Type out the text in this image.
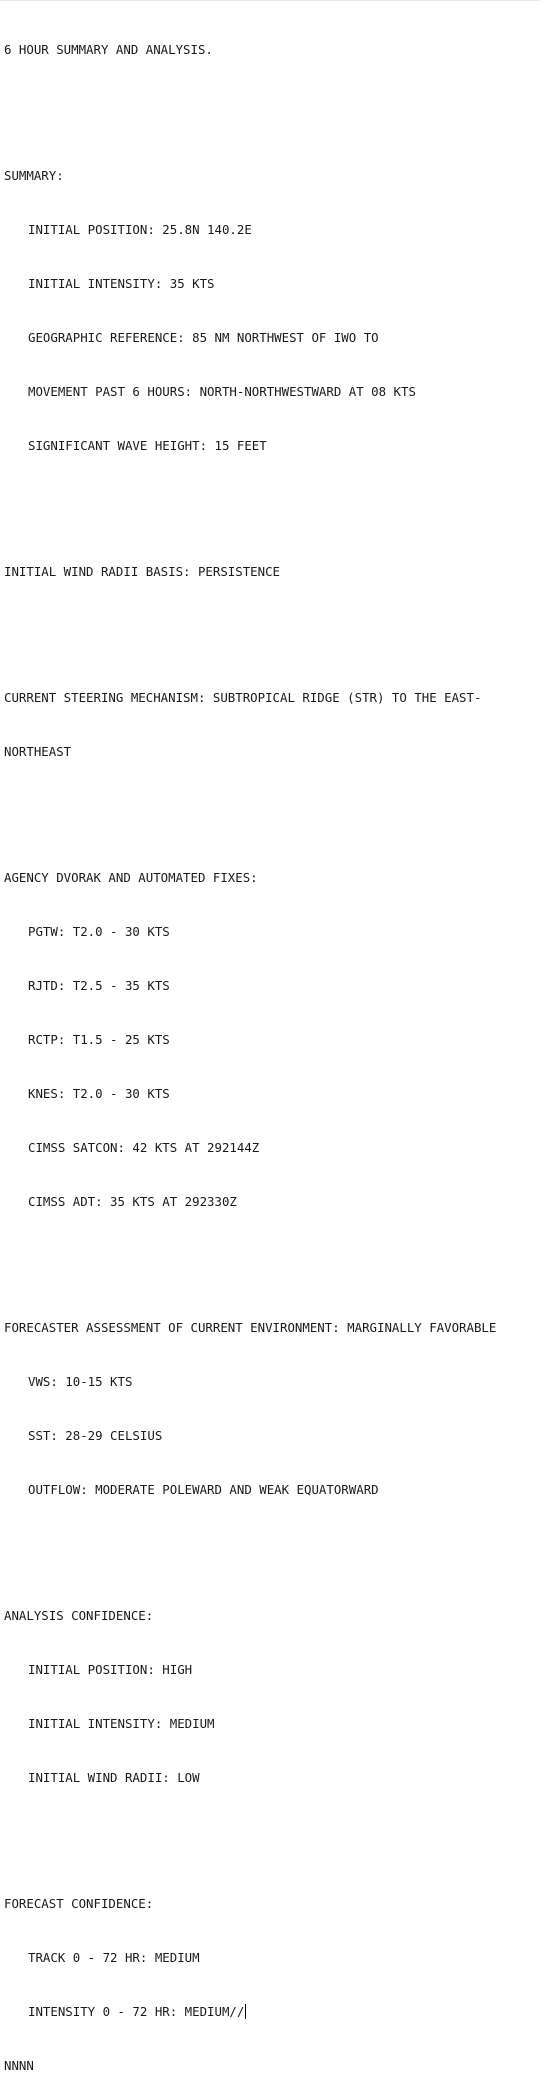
6 HOUR SUMMARY AND ANALYSIS.

SUMMARY:

INITIAL POSITION: 25.8N 140.2E

INITIAL INTENSITY: 35 KTS

GEOGRAPHIC REFERENCE: 85 NM NORTHWEST OF IWO TO

MOVEMENT PAST 6 HOURS: NORTH-NORTHWESTWARD AT 08 KTS

SIGNIFICANT WAVE HEIGHT: 15 FEET

INITIAL WIND RADII BASIS: PERSISTENCE

CURRENT STEERING MECHANISM: SUBTROPICAL RIDGE (STR) TO THE EAST-

NORTHEAST

AGENCY DVORAK AND AUTOMATED FIXES:

PGTW: T2.0 - 30 KTS

RJTD: T2.5 - 35 KTS

RCTP: T1.5 - 25 KTS

KNES: T2.0 - 30 KTS

CIMSS SATCON: 42 KTS AT 292144Z

CIMSS ADT: 35 KTS AT 292330Z

FORECASTER ASSESSMENT OF CURRENT ENVIRONMENT: MARGINALLY FAVORABLE

VWS: 10-15 KTS

SST: 28-29 CELSIUS

OUTFLOW: MODERATE POLEWARD AND WEAK EQUATORWARD

ANALYSIS CONFIDENCE:

INITIAL POSITION: HIGH

INITIAL INTENSITY: MEDIUM

INITIAL WIND RADII: LOW

FORECAST CONFIDENCE:

TRACK 0 - 72 HR: MEDIUM

INTENSITY 0 - 72 HR: MEDIUM//

NNNN
